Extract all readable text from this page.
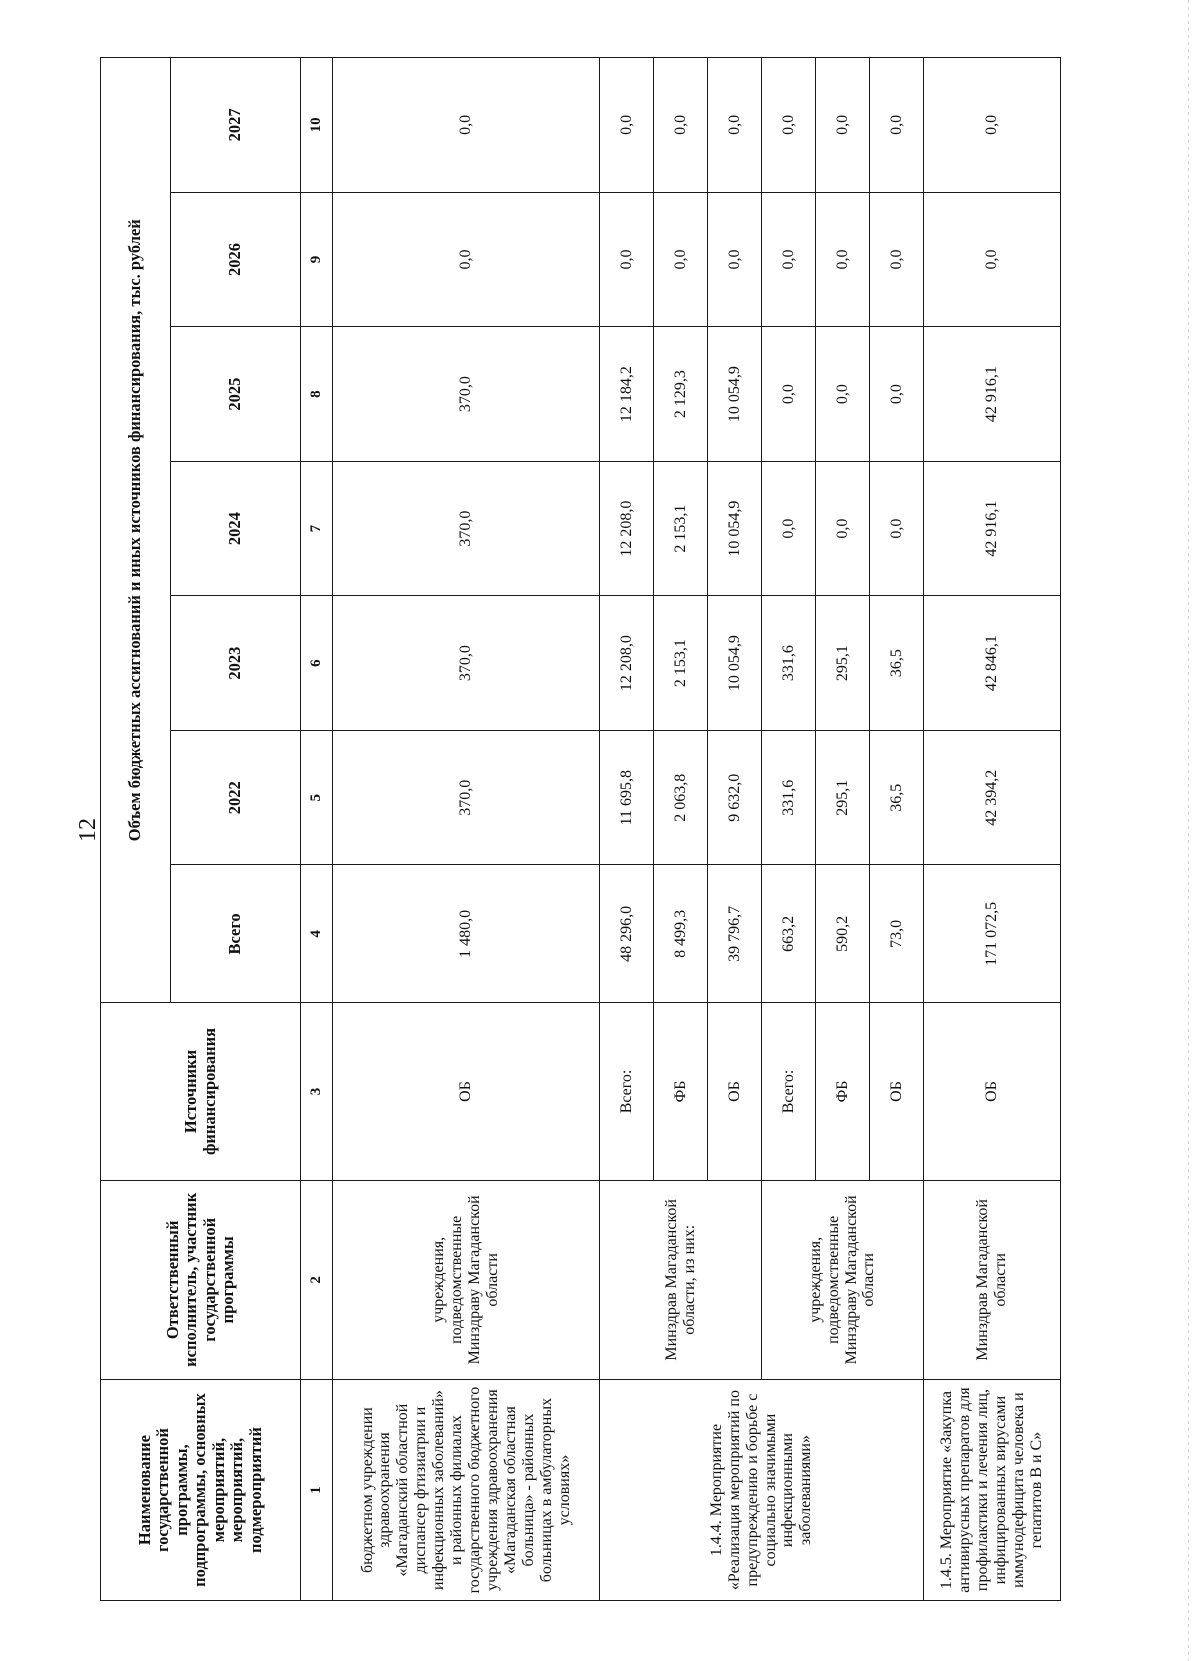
12
Наименование государственной программы, подпрограммы, основных мероприятий, мероприятий, подмероприятий	Ответственный исполнитель, участник государственной программы	Источники финансирования	Объем бюджетных ассигнований и иных источников финансирования, тыс. рублей						
			Всего	2022	2023	2024	2025	2026	2027
1	2	3	4	5	6	7	8	9	10
бюджетном учреждении здравоохранения «Магаданский областной диспансер фтизиатрии и инфекционных заболеваний» и районных филиалах государственного бюджетного учреждения здравоохранения «Магаданская областная больница» - районных больницах в амбулаторных условиях»	учреждения, подведомственные Минздраву Магаданской области	ОБ	1 480,0	370,0	370,0	370,0	370,0	0,0	0,0
1.4.4. Мероприятие «Реализация мероприятий по предупреждению и борьбе с социально значимыми инфекционными заболеваниями»	Минздрав Магаданской области, из них:	Всего:	48 296,0	11 695,8	12 208,0	12 208,0	12 184,2	0,0	0,0
		ФБ	8 499,3	2 063,8	2 153,1	2 153,1	2 129,3	0,0	0,0
		ОБ	39 796,7	9 632,0	10 054,9	10 054,9	10 054,9	0,0	0,0
	учреждения, подведомственные Минздраву Магаданской области	Всего:	663,2	331,6	331,6	0,0	0,0	0,0	0,0
		ФБ	590,2	295,1	295,1	0,0	0,0	0,0	0,0
		ОБ	73,0	36,5	36,5	0,0	0,0	0,0	0,0
1.4.5. Мероприятие «Закупка антивирусных препаратов для профилактики и лечения лиц, инфицированных вирусами иммунодефицита человека и гепатитов B и C»	Минздрав Магаданской области	ОБ	171 072,5	42 394,2	42 846,1	42 916,1	42 916,1	0,0	0,0
